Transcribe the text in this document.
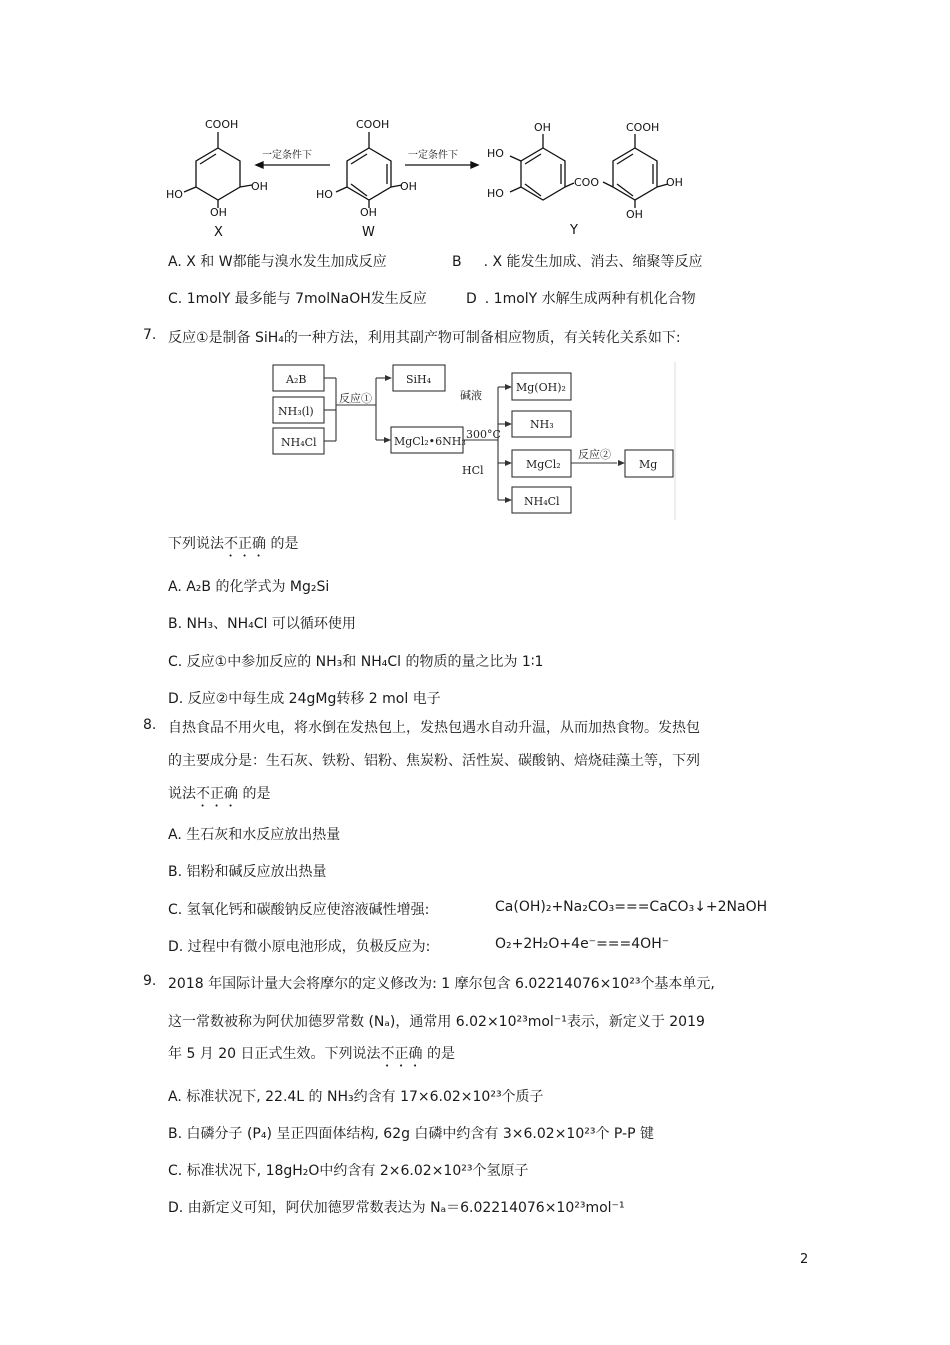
COOH
HO
OH
OH
COOH
HO
OH
OH
OH
HO
HO
COO
COOH
OH
OH
一定条件下	一定条件下
X	W	Y
A. X 和 W都能与溴水发生加成反应	B . X 能发生加成、消去、缩聚等反应
C. 1molY 最多能与 7molNaOH发生反应	D . 1molY 水解生成两种有机化合物
7. 反应①是制备 SiH₄的一种方法，利用其副产物可制备相应物质，有关转化关系如下:
A₂B
NH₃(l)
NH₄Cl
反应①
SiH₄
MgCl₂•6NH₃
碱液
300°C
HCl
Mg(OH)₂
NH₃
MgCl₂
反应②
Mg
NH₄Cl
下列说法不正确 的是
A. A₂B 的化学式为 Mg₂Si
B. NH₃、NH₄Cl 可以循环使用
C. 反应①中参加反应的 NH₃和 NH₄Cl 的物质的量之比为 1∶1
D. 反应②中每生成 24gMg转移 2 mol 电子
8. 自热食品不用火电，将水倒在发热包上，发热包遇水自动升温，从而加热食物。发热包
的主要成分是：生石灰、铁粉、铝粉、焦炭粉、活性炭、碳酸钠、焙烧硅藻土等，下列
说法不正确 的是
A. 生石灰和水反应放出热量
B. 铝粉和碱反应放出热量
C. 氢氧化钙和碳酸钠反应使溶液碱性增强:	Ca(OH)₂+Na₂CO₃===CaCO₃↓+2NaOH
D. 过程中有微小原电池形成，负极反应为:	O₂+2H₂O+4e⁻===4OH⁻
9. 2018 年国际计量大会将摩尔的定义修改为: 1 摩尔包含 6.02214076×10²³个基本单元,
这一常数被称为阿伏加德罗常数 (Nₐ)，通常用 6.02×10²³mol⁻¹表示，新定义于 2019
年 5 月 20 日正式生效。下列说法不正确 的是
A. 标准状况下, 22.4L 的 NH₃约含有 17×6.02×10²³个质子
B. 白磷分子 (P₄) 呈正四面体结构, 62g 白磷中约含有 3×6.02×10²³个 P-P 键
C. 标准状况下, 18gH₂O中约含有 2×6.02×10²³个氢原子
D. 由新定义可知，阿伏加德罗常数表达为 Nₐ＝6.02214076×10²³mol⁻¹
2
